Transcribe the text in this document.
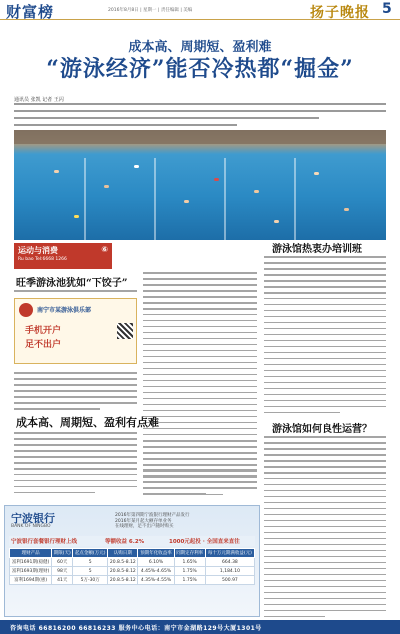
财富榜	2016年8月8日 | 星期一 | 责任编辑 | 美编	扬子晚报 5
成本高、周期短、盈利难
“游泳经济”能否冷热都“掘金”
通讯员 张凯 记者 王闪
运动与消费	⑥
Ru bao Tel:6668 1266
旺季游泳池犹如“下饺子”
南宁市某游泳俱乐部
手机开户
足不出户
游泳馆热衷办培训班
成本高、周期短、盈利有点难
游泳馆如何良性运营？
宁波银行
BANK OF NINGBO
2016年第四期宁波银行理财产品发行
2016年某月起大额存单业务
在线理财，足不出户随时购买
宁波银行套餐银行理财上线	等额收益 6.2%	1000元起投 · 全国直来直往
理财产品	期限(天)	起点金额(万元)	认购日期	预期年化收益率	同期定存利率	每十万元期满收益(元)
富利1691期(稳健)	60天	5	20.8.5-8.12	6.10%	1.65%	664.38
富利1693期(理财)	98天	5	20.8.5-8.12	4.45%-4.65%	1.75%	1,184.10
富利1694期(惠)	41天	5万-30万	20.8.5-8.12	4.35%-4.55%	1.75%	500.97
咨询电话 66816200 66816233 服务中心电话：南宁市金湖路129号大厦1301号
